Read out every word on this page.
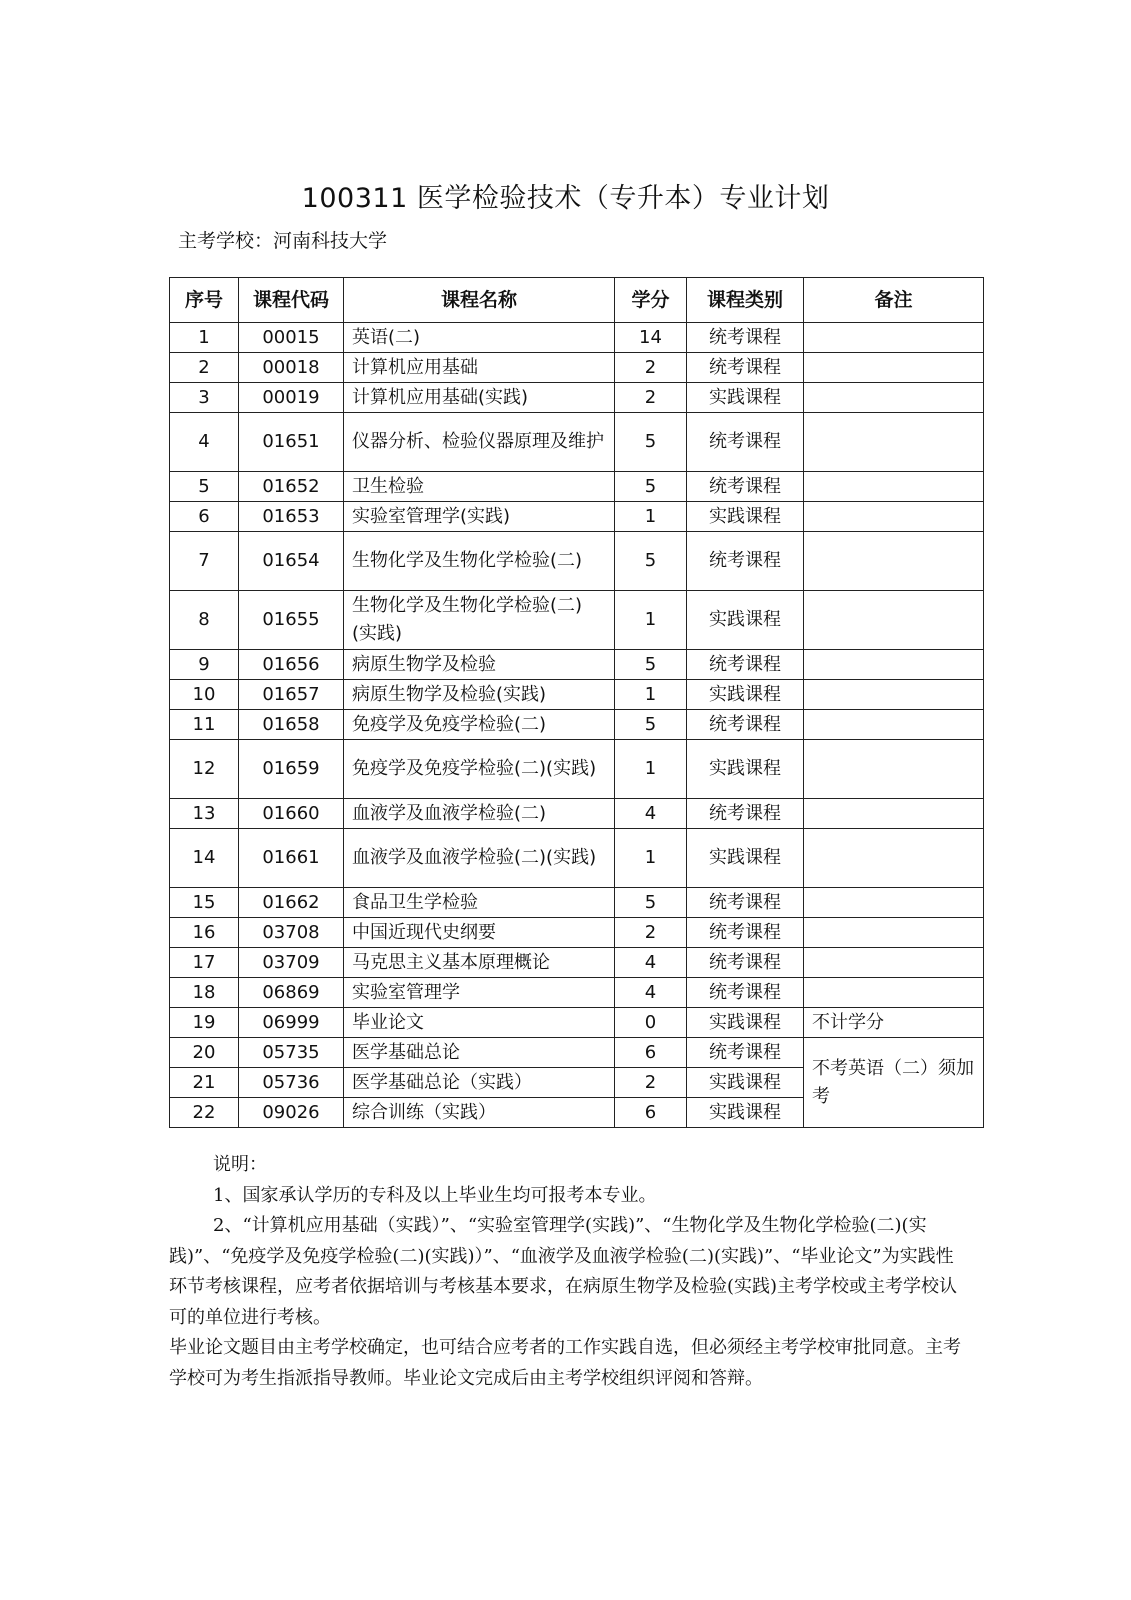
100311 医学检验技术（专升本）专业计划
主考学校：河南科技大学
序号	课程代码	课程名称	学分	课程类别	备注
1	00015	英语(二)	14	统考课程	
2	00018	计算机应用基础	2	统考课程	
3	00019	计算机应用基础(实践)	2	实践课程	
4	01651	仪器分析、检验仪器原理及维护	5	统考课程	
5	01652	卫生检验	5	统考课程	
6	01653	实验室管理学(实践)	1	实践课程	
7	01654	生物化学及生物化学检验(二)	5	统考课程	
8	01655	生物化学及生物化学检验(二)(实践)	1	实践课程	
9	01656	病原生物学及检验	5	统考课程	
10	01657	病原生物学及检验(实践)	1	实践课程	
11	01658	免疫学及免疫学检验(二)	5	统考课程	
12	01659	免疫学及免疫学检验(二)(实践)	1	实践课程	
13	01660	血液学及血液学检验(二)	4	统考课程	
14	01661	血液学及血液学检验(二)(实践)	1	实践课程	
15	01662	食品卫生学检验	5	统考课程	
16	03708	中国近现代史纲要	2	统考课程	
17	03709	马克思主义基本原理概论	4	统考课程	
18	06869	实验室管理学	4	统考课程	
19	06999	毕业论文	0	实践课程	不计学分
20	05735	医学基础总论	6	统考课程	不考英语（二）须加考
21	05736	医学基础总论（实践）	2	实践课程	
22	09026	综合训练（实践）	6	实践课程	

说明：

1、国家承认学历的专科及以上毕业生均可报考本专业。

2、“计算机应用基础（实践）”、“实验室管理学(实践)”、“生物化学及生物化学检验(二)(实践)”、“免疫学及免疫学检验(二)(实践)）”、“血液学及血液学检验(二)(实践)”、“毕业论文”为实践性环节考核课程，应考者依据培训与考核基本要求，在病原生物学及检验(实践)主考学校或主考学校认可的单位进行考核。

毕业论文题目由主考学校确定，也可结合应考者的工作实践自选，但必须经主考学校审批同意。主考学校可为考生指派指导教师。毕业论文完成后由主考学校组织评阅和答辩。
